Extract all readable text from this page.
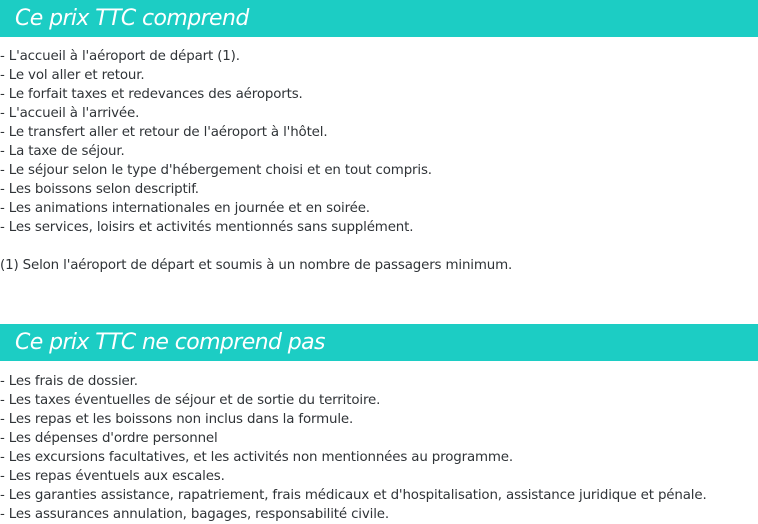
Ce prix TTC comprend
- L'accueil à l'aéroport de départ (1).
- Le vol aller et retour.
- Le forfait taxes et redevances des aéroports.
- L'accueil à l'arrivée.
- Le transfert aller et retour de l'aéroport à l'hôtel.
- La taxe de séjour.
- Le séjour selon le type d'hébergement choisi et en tout compris.
- Les boissons selon descriptif.
- Les animations internationales en journée et en soirée.
- Les services, loisirs et activités mentionnés sans supplément.
(1) Selon l'aéroport de départ et soumis à un nombre de passagers minimum.
Ce prix TTC ne comprend pas
- Les frais de dossier.
- Les taxes éventuelles de séjour et de sortie du territoire.
- Les repas et les boissons non inclus dans la formule.
- Les dépenses d'ordre personnel
- Les excursions facultatives, et les activités non mentionnées au programme.
- Les repas éventuels aux escales.
- Les garanties assistance, rapatriement, frais médicaux et d'hospitalisation, assistance juridique et pénale.
- Les assurances annulation, bagages, responsabilité civile.
